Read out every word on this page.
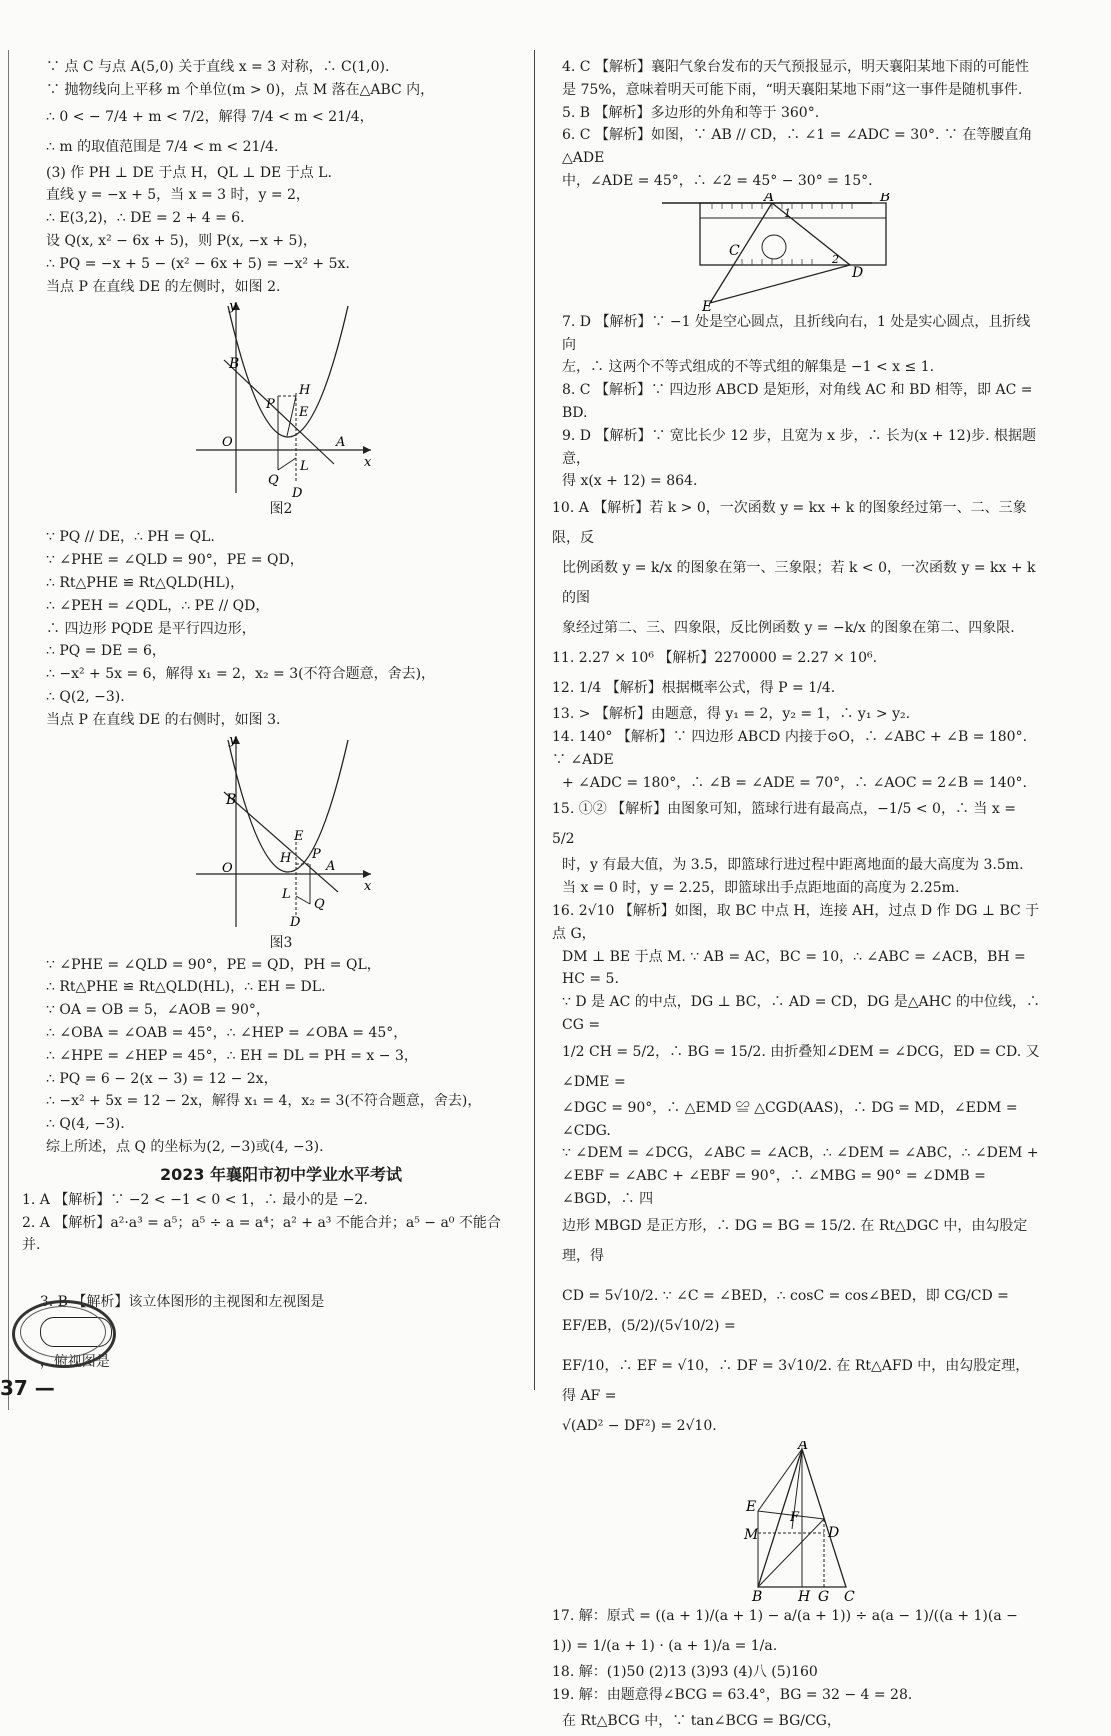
∵ 点 C 与点 A(5,0) 关于直线 x = 3 对称，∴ C(1,0).
∵ 抛物线向上平移 m 个单位(m > 0)，点 M 落在△ABC 内，
∴ 0 < − 7/4 + m < 7/2，解得 7/4 < m < 21/4，
∴ m 的取值范围是 7/4 < m < 21/4.
(3) 作 PH ⊥ DE 于点 H，QL ⊥ DE 于点 L.
直线 y = −x + 5，当 x = 3 时，y = 2，
∴ E(3,2)，∴ DE = 2 + 4 = 6.
设 Q(x, x² − 6x + 5)，则 P(x, −x + 5)，
∴ PQ = −x + 5 − (x² − 6x + 5) = −x² + 5x.
当点 P 在直线 DE 的左侧时，如图 2.
B
y
H
P
E
O	A
x
Q
L
D
图2
∵ PQ // DE，∴ PH = QL.
∵ ∠PHE = ∠QLD = 90°，PE = QD，
∴ Rt△PHE ≌ Rt△QLD(HL)，
∴ ∠PEH = ∠QDL，∴ PE // QD，
∴ 四边形 PQDE 是平行四边形，
∴ PQ = DE = 6，
∴ −x² + 5x = 6，解得 x₁ = 2，x₂ = 3(不符合题意，舍去)，
∴ Q(2, −3).
当点 P 在直线 DE 的右侧时，如图 3.
y
B
E
H P
O	A
x
L
Q
D
图3
∵ ∠PHE = ∠QLD = 90°，PE = QD，PH = QL，
∴ Rt△PHE ≌ Rt△QLD(HL)，∴ EH = DL.
∵ OA = OB = 5，∠AOB = 90°，
∴ ∠OBA = ∠OAB = 45°，∴ ∠HEP = ∠OBA = 45°，
∴ ∠HPE = ∠HEP = 45°，∴ EH = DL = PH = x − 3，
∴ PQ = 6 − 2(x − 3) = 12 − 2x，
∴ −x² + 5x = 12 − 2x，解得 x₁ = 4，x₂ = 3(不符合题意，舍去)，
∴ Q(4, −3).
综上所述，点 Q 的坐标为(2, −3)或(4, −3).
2023 年襄阳市初中学业水平考试
1. A 【解析】∵ −2 < −1 < 0 < 1，∴ 最小的是 −2.
2. A 【解析】a²·a³ = a⁵；a⁵ ÷ a = a⁴；a² + a³ 不能合并；a⁵ − a⁰ 不能合并.

3. B 【解析】该立体图形的主视图和左视图是

，俯视图是

37 —
4. C 【解析】襄阳气象台发布的天气预报显示，明天襄阳某地下雨的可能性
是 75%，意味着明天可能下雨，“明天襄阳某地下雨”这一事件是随机事件.
5. B 【解析】多边形的外角和等于 360°.
6. C 【解析】如图，∵ AB // CD，∴ ∠1 = ∠ADC = 30°. ∵ 在等腰直角△ADE
中，∠ADE = 45°，∴ ∠2 = 45° − 30° = 15°.
A	B
1
C
2
D
E
7. D 【解析】∵ −1 处是空心圆点，且折线向右，1 处是实心圆点，且折线向
左，∴ 这两个不等式组成的不等式组的解集是 −1 < x ≤ 1.
8. C 【解析】∵ 四边形 ABCD 是矩形，对角线 AC 和 BD 相等，即 AC = BD.
9. D 【解析】∵ 宽比长少 12 步，且宽为 x 步，∴ 长为(x + 12)步. 根据题意，
得 x(x + 12) = 864.
10. A 【解析】若 k > 0，一次函数 y = kx + k 的图象经过第一、二、三象限，反
比例函数 y = k/x 的图象在第一、三象限；若 k < 0，一次函数 y = kx + k 的图
象经过第二、三、四象限，反比例函数 y = −k/x 的图象在第二、四象限.
11. 2.27 × 10⁶ 【解析】2270000 = 2.27 × 10⁶.
12. 1/4 【解析】根据概率公式，得 P = 1/4.
13. > 【解析】由题意，得 y₁ = 2，y₂ = 1，∴ y₁ > y₂.
14. 140° 【解析】∵ 四边形 ABCD 内接于⊙O，∴ ∠ABC + ∠B = 180°. ∵ ∠ADE
+ ∠ADC = 180°，∴ ∠B = ∠ADE = 70°，∴ ∠AOC = 2∠B = 140°.
15. ①② 【解析】由图象可知，篮球行进有最高点，−1/5 < 0，∴ 当 x = 5/2
时，y 有最大值，为 3.5，即篮球行进过程中距离地面的最大高度为 3.5m.
当 x = 0 时，y = 2.25，即篮球出手点距地面的高度为 2.25m.
16. 2√10 【解析】如图，取 BC 中点 H，连接 AH，过点 D 作 DG ⊥ BC 于点 G，
DM ⊥ BE 于点 M. ∵ AB = AC，BC = 10，∴ ∠ABC = ∠ACB，BH = HC = 5.
∵ D 是 AC 的中点，DG ⊥ BC，∴ AD = CD，DG 是△AHC 的中位线，∴ CG =
1/2 CH = 5/2，∴ BG = 15/2. 由折叠知∠DEM = ∠DCG，ED = CD. 又∠DME =
∠DGC = 90°，∴ △EMD ≌ △CGD(AAS)，∴ DG = MD，∠EDM = ∠CDG.
∵ ∠DEM = ∠DCG，∠ABC = ∠ACB，∴ ∠DEM = ∠ABC，∴ ∠DEM +
∠EBF = ∠ABC + ∠EBF = 90°，∴ ∠MBG = 90° = ∠DMB = ∠BGD，∴ 四
边形 MBGD 是正方形，∴ DG = BG = 15/2. 在 Rt△DGC 中，由勾股定理，得
CD = 5√10/2. ∵ ∠C = ∠BED，∴ cosC = cos∠BED，即 CG/CD = EF/EB，(5/2)/(5√10/2) =
EF/10，∴ EF = √10，∴ DF = 3√10/2. 在 Rt△AFD 中，由勾股定理，得 AF =
√(AD² − DF²) = 2√10.
A
E
F
M	D
B	H G C
17. 解：原式 = ((a + 1)/(a + 1) − a/(a + 1)) ÷ a(a − 1)/((a + 1)(a − 1)) = 1/(a + 1) · (a + 1)/a = 1/a.
18. 解：(1)50 (2)13 (3)93 (4)八 (5)160
19. 解：由题意得∠BCG = 63.4°，BG = 32 − 4 = 28.
在 Rt△BCG 中，∵ tan∠BCG = BG/CG，
